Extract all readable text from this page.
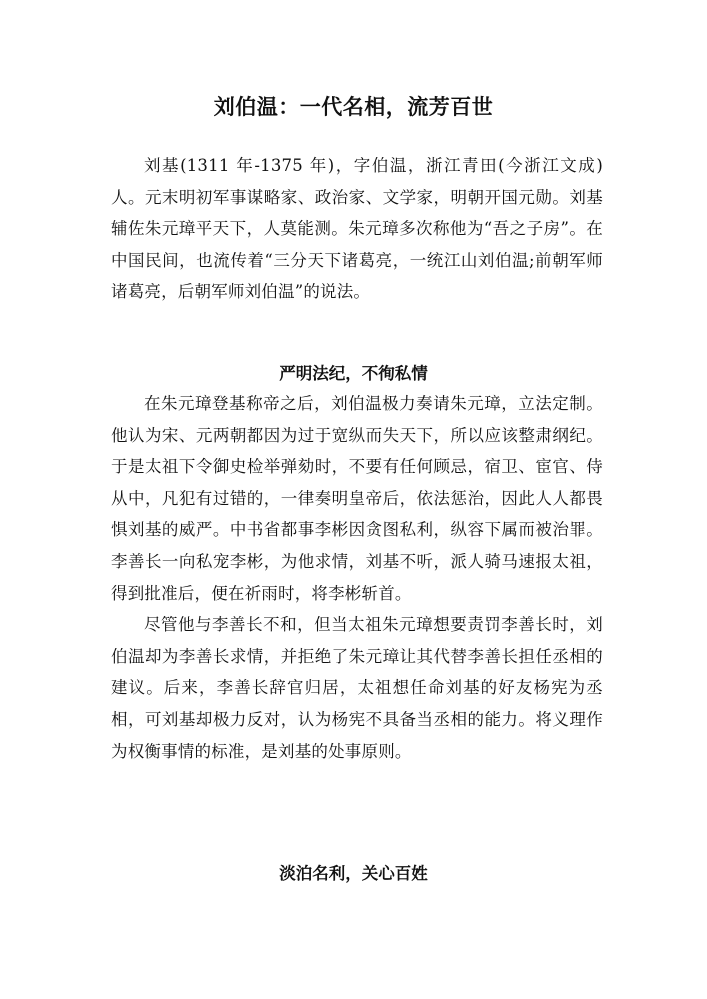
刘伯温：一代名相，流芳百世

刘基(1311 年-1375 年)，字伯温，浙江青田(今浙江文成)人。元末明初军事谋略家、政治家、文学家，明朝开国元勋。刘基辅佐朱元璋平天下，人莫能测。朱元璋多次称他为“吾之子房”。在中国民间，也流传着“三分天下诸葛亮，一统江山刘伯温;前朝军师诸葛亮，后朝军师刘伯温”的说法。

严明法纪，不徇私情

在朱元璋登基称帝之后，刘伯温极力奏请朱元璋，立法定制。他认为宋、元两朝都因为过于宽纵而失天下，所以应该整肃纲纪。于是太祖下令御史检举弹劾时，不要有任何顾忌，宿卫、宦官、侍从中，凡犯有过错的，一律奏明皇帝后，依法惩治，因此人人都畏惧刘基的威严。中书省都事李彬因贪图私利，纵容下属而被治罪。李善长一向私宠李彬，为他求情，刘基不听，派人骑马速报太祖，得到批准后，便在祈雨时，将李彬斩首。

尽管他与李善长不和，但当太祖朱元璋想要责罚李善长时，刘伯温却为李善长求情，并拒绝了朱元璋让其代替李善长担任丞相的建议。后来，李善长辞官归居，太祖想任命刘基的好友杨宪为丞相，可刘基却极力反对，认为杨宪不具备当丞相的能力。将义理作为权衡事情的标准，是刘基的处事原则。

淡泊名利，关心百姓
